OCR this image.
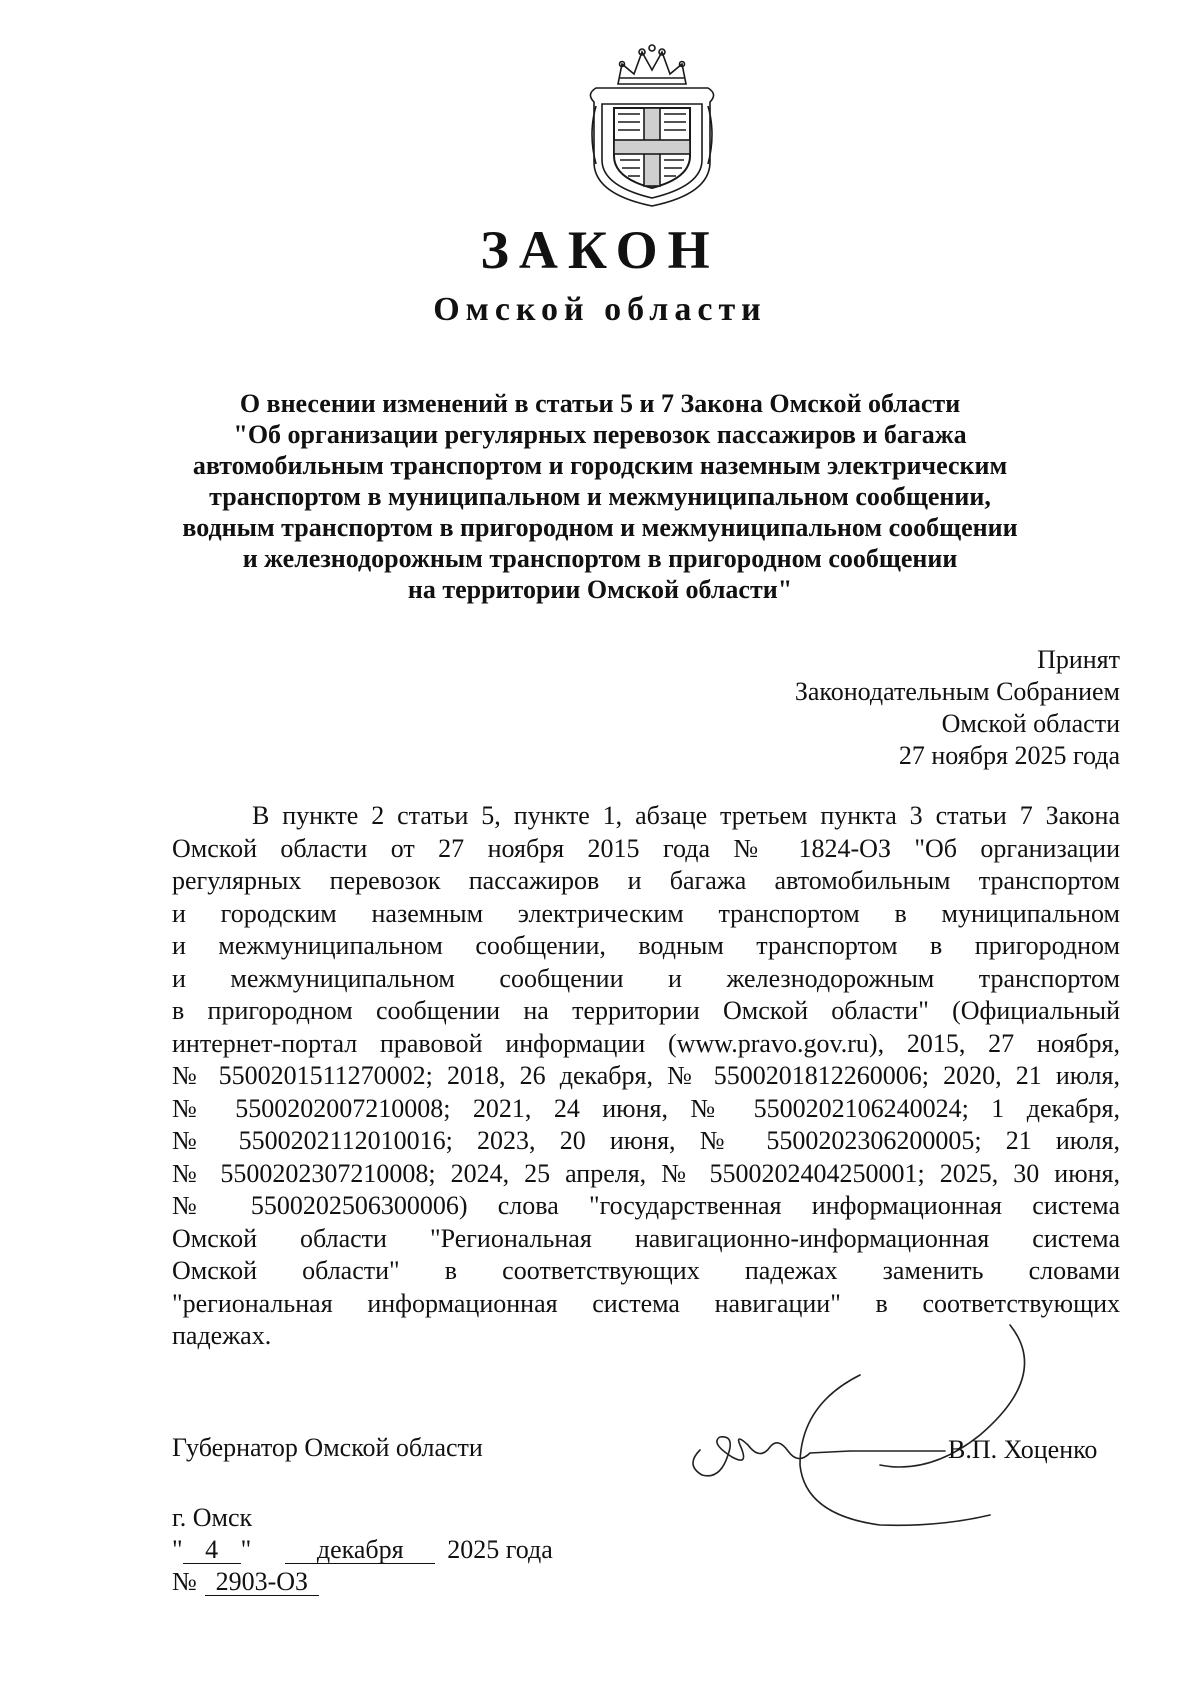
ЗАКОН
Омской области
О внесении изменений в статьи 5 и 7 Закона Омской области
"Об организации регулярных перевозок пассажиров и багажа
автомобильным транспортом и городским наземным электрическим
транспортом в муниципальном и межмуниципальном сообщении,
водным транспортом в пригородном и межмуниципальном сообщении
и железнодорожным транспортом в пригородном сообщении
на территории Омской области"
Принят
Законодательным Собранием
Омской области
27 ноября 2025 года
В пункте 2 статьи 5, пункте 1, абзаце третьем пункта 3 статьи 7 Закона
Омской области от 27 ноября 2015 года № 1824-ОЗ "Об организации
регулярных перевозок пассажиров и багажа автомобильным транспортом
и городским наземным электрическим транспортом в муниципальном
и межмуниципальном сообщении, водным транспортом в пригородном
и межмуниципальном сообщении и железнодорожным транспортом
в пригородном сообщении на территории Омской области" (Официальный
интернет-портал правовой информации (www.pravo.gov.ru), 2015, 27 ноября,
№ 5500201511270002; 2018, 26 декабря, № 5500201812260006; 2020, 21 июля,
№ 5500202007210008; 2021, 24 июня, № 5500202106240024; 1 декабря,
№ 5500202112010016; 2023, 20 июня, № 5500202306200005; 21 июля,
№ 5500202307210008; 2024, 25 апреля, № 5500202404250001; 2025, 30 июня,
№ 5500202506300006) слова "государственная информационная система
Омской области "Региональная навигационно-информационная система
Омской области" в соответствующих падежах заменить словами
"региональная информационная система навигации" в соответствующих
падежах.
Губернатор Омской области	В.П. Хоценко
г. Омск
" 4 "	декабря 2025 года
№ 2903-ОЗ
